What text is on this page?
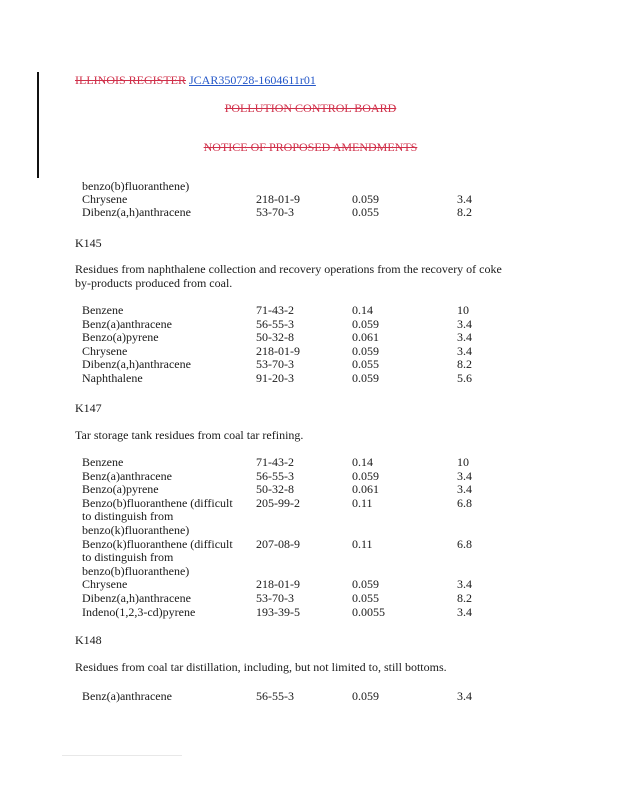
ILLINOIS REGISTER JCAR350728-1604611r01
POLLUTION CONTROL BOARD
NOTICE OF PROPOSED AMENDMENTS
benzo(b)fluoranthene)
Chrysene	218-01-9	0.059	3.4
Dibenz(a,h)anthracene	53-70-3	0.055	8.2
K145
Residues from naphthalene collection and recovery operations from the recovery of coke by-products produced from coal.
Benzene	71-43-2	0.14	10
Benz(a)anthracene	56-55-3	0.059	3.4
Benzo(a)pyrene	50-32-8	0.061	3.4
Chrysene	218-01-9	0.059	3.4
Dibenz(a,h)anthracene	53-70-3	0.055	8.2
Naphthalene	91-20-3	0.059	5.6
K147
Tar storage tank residues from coal tar refining.
Benzene	71-43-2	0.14	10
Benz(a)anthracene	56-55-3	0.059	3.4
Benzo(a)pyrene	50-32-8	0.061	3.4
Benzo(b)fluoranthene (difficult 205-99-2	0.11	6.8
to distinguish from
benzo(k)fluoranthene)
Benzo(k)fluoranthene (difficult 207-08-9	0.11	6.8
to distinguish from
benzo(b)fluoranthene)
Chrysene	218-01-9	0.059	3.4
Dibenz(a,h)anthracene	53-70-3	0.055	8.2
Indeno(1,2,3-cd)pyrene	193-39-5	0.0055	3.4
K148
Residues from coal tar distillation, including, but not limited to, still bottoms.
Benz(a)anthracene	56-55-3	0.059	3.4
